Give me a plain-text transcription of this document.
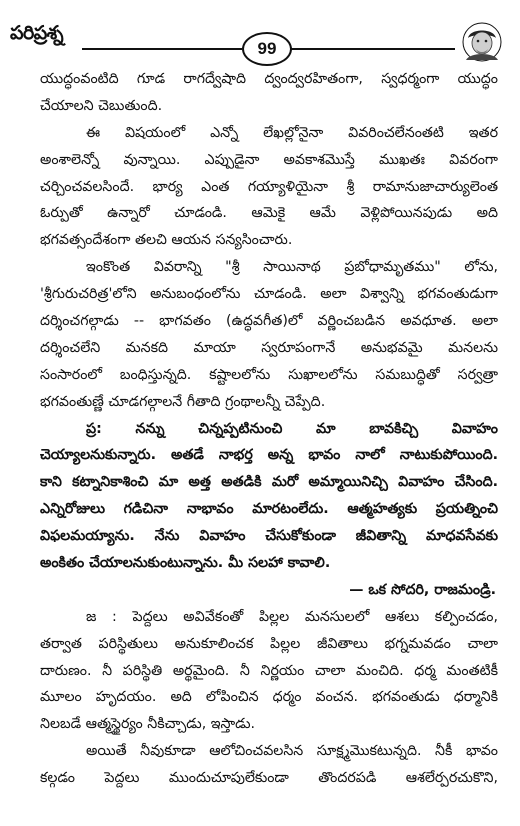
పరిప్రశ్న
99
యుద్ధంవంటిది గూడ రాగద్వేషాది ద్వంద్వరహితంగా, స్వధర్మంగా యుద్ధం
చేయాలని చెబుతుంది.
ఈ విషయంలో ఎన్నో లేఖల్లోనైనా వివరించలేనంతటి ఇతర
అంశాలెన్నో వున్నాయి. ఎప్పుడైనా అవకాశమొస్తే ముఖతః వివరంగా
చర్చించవలసిందే. భార్య ఎంత గయ్యాళియైనా శ్రీ రామానుజాచార్యులెంత
ఓర్పుతో ఉన్నారో చూడండి. ఆమెకై ఆమే వెళ్లిపోయినపుడు అది
భగవత్సందేశంగా తలచి ఆయన సన్యసించారు.
ఇంకొంత వివరాన్ని "శ్రీ సాయినాథ ప్రబోధామృతము" లోను,
'శ్రీగురుచరిత్ర'లోని అనుబంధంలోను చూడండి. అలా విశ్వాన్ని భగవంతుడుగా
దర్శించగల్గాడు -- భాగవతం (ఉద్ధవగీత)లో వర్ణించబడిన అవధూత. అలా
దర్శించలేని మనకది మాయా స్వరూపంగానే అనుభవమై మనలను
సంసారంలో బంధిస్తున్నది. కష్టాలలోను సుఖాలలోను సమబుద్ధితో సర్వత్రా
భగవంతుణ్ణే చూడగల్గాలనే గీతాది గ్రంథాలన్నీ చెప్పేది.
ప్ర: నన్ను చిన్నప్పటినుంచి మా బావకిచ్చి వివాహం
చెయ్యాలనుకున్నారు. అతడే నాభర్త అన్న భావం నాలో నాటుకుపోయింది.
కాని కట్నానికాశించి మా అత్త అతడికి మరో అమ్మాయినిచ్చి వివాహం చేసింది.
ఎన్నిరోజులు గడిచినా నాభావం మారటంలేదు. ఆత్మహత్యకు ప్రయత్నించి
విఫలమయ్యాను. నేను వివాహం చేసుకోకుండా జీవితాన్ని మాధవసేవకు
అంకితం చేయాలనుకుంటున్నాను. మీ సలహా కావాలి.
— ఒక సోదరి, రాజమండ్రి.
జ : పెద్దలు అవివేకంతో పిల్లల మనసులలో ఆశలు కల్పించడం,
తర్వాత పరిస్థితులు అనుకూలించక పిల్లల జీవితాలు భగ్నమవడం చాలా
దారుణం. నీ పరిస్థితి అర్థమైంది. నీ నిర్ణయం చాలా మంచిది. ధర్మ మంతటికీ
మూలం హృదయం. అది లోపించిన ధర్మం వంచన. భగవంతుడు ధర్మానికి
నిలబడే ఆత్మస్థైర్యం నీకిచ్చాడు, ఇస్తాడు.
అయితే నీవుకూడా ఆలోచించవలసిన సూక్ష్మమొకటున్నది. నీకీ భావం
కల్గడం పెద్దలు ముందుచూపులేకుండా తొందరపడి ఆశలేర్పరచుకొని,
